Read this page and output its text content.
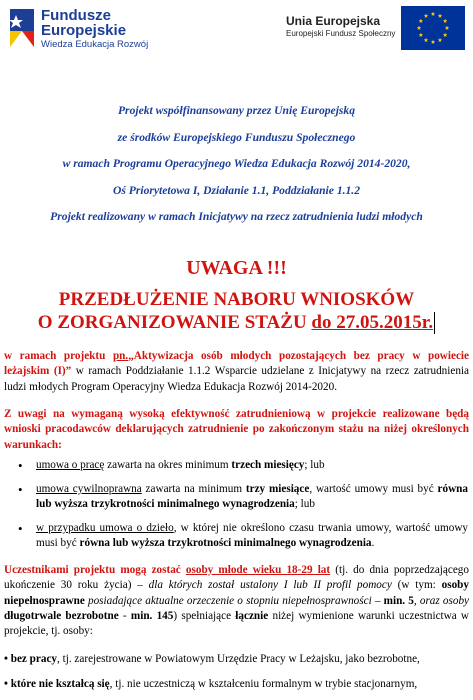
Fundusze Europejskie
Wiedza Edukacja Rozwój
Unia Europejska
Europejski Fundusz Społeczny
Projekt współfinansowany przez Unię Europejską
ze środków Europejskiego Funduszu Społecznego
w ramach Programu Operacyjnego Wiedza Edukacja Rozwój 2014-2020,
Oś Priorytetowa I, Działanie 1.1, Poddziałanie 1.1.2
Projekt realizowany w ramach Inicjatywy na rzecz zatrudnienia ludzi młodych
UWAGA !!!
PRZEDŁUŻENIE NABORU WNIOSKÓW
O ZORGANIZOWANIE STAŻU do 27.05.2015r.
w ramach projektu pn.„Aktywizacja osób młodych pozostających bez pracy w powiecie leżajskim (I)” w ramach Poddziałanie 1.1.2 Wsparcie udzielane z Inicjatywy na rzecz zatrudnienia ludzi młodych Program Operacyjny Wiedza Edukacja Rozwój 2014-2020.
Z uwagi na wymaganą wysoką efektywność zatrudnieniową w projekcie realizowane będą wnioski pracodawców deklarujących zatrudnienie po zakończonym stażu na niżej określonych warunkach:
• umowa o pracę zawarta na okres minimum trzech miesięcy; lub
• umowa cywilnoprawna zawarta na minimum trzy miesiące, wartość umowy musi być równa lub wyższa trzykrotności minimalnego wynagrodzenia; lub
• w przypadku umowa o dzieło, w której nie określono czasu trwania umowy, wartość umowy musi być równa lub wyższa trzykrotności minimalnego wynagrodzenia.
Uczestnikami projektu mogą zostać osoby młode wieku 18-29 lat (tj. do dnia poprzedzającego ukończenie 30 roku życia) – dla których został ustalony I lub II profil pomocy (w tym: osoby niepełnosprawne posiadające aktualne orzeczenie o stopniu niepełnosprawności – min. 5, oraz osoby długotrwale bezrobotne - min. 145) spełniające łącznie niżej wymienione warunki uczestnictwa w projekcie, tj. osoby:
• bez pracy, tj. zarejestrowane w Powiatowym Urzędzie Pracy w Leżajsku, jako bezrobotne,
• które nie kształcą się, tj. nie uczestniczą w kształceniu formalnym w trybie stacjonarnym,
